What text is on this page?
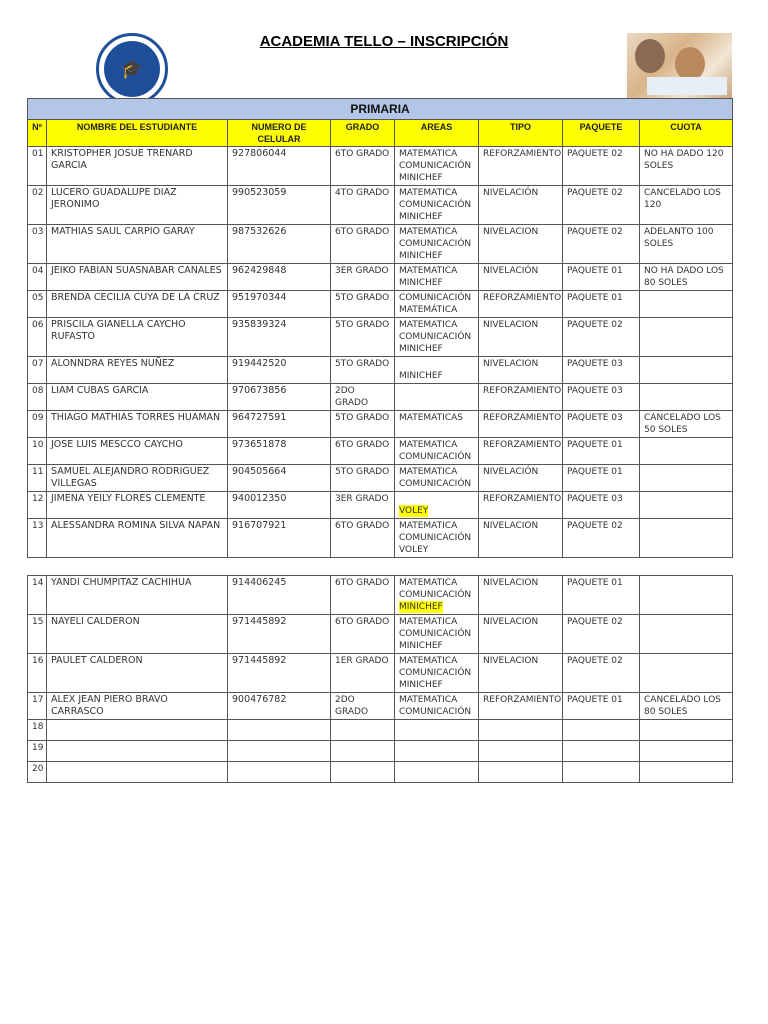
🎓
ACADEMIA TELLO – INSCRIPCIÓN
PRIMARIA							
Nº	NOMBRE DEL ESTUDIANTE	NUMERO DE CELULAR	GRADO	AREAS	TIPO	PAQUETE	CUOTA
01	KRISTOPHER JOSUE TRENARD GARCIA	927806044	6TO GRADO	MATEMATICA
COMUNICACIÓN
MINICHEF	REFORZAMIENTO	PAQUETE 02	NO HA DADO 120 SOLES
02	LUCERO GUADALUPE DIAZ JERONIMO	990523059	4TO GRADO	MATEMATICA
COMUNICACIÓN
MINICHEF	NIVELACIÓN	PAQUETE 02	CANCELADO LOS 120
03	MATHIAS SAUL CARPIO GARAY	987532626	6TO GRADO	MATEMATICA
COMUNICACIÓN
MINICHEF	NIVELACION	PAQUETE 02	ADELANTO 100 SOLES
04	JEIKO FABIAN SUASNABAR CANALES	962429848	3ER GRADO	MATEMATICA
MINICHEF	NIVELACIÓN	PAQUETE 01	NO HA DADO LOS 80 SOLES
05	BRENDA CECILIA CUYA DE LA CRUZ	951970344	5TO GRADO	COMUNICACIÓN
MATEMÁTICA	REFORZAMIENTO	PAQUETE 01	
06	PRISCILA GIANELLA CAYCHO RUFASTO	935839324	5TO GRADO	MATEMATICA
COMUNICACIÓN
MINICHEF	NIVELACION	PAQUETE 02	
07	ALONNDRA REYES NUÑEZ	919442520	5TO GRADO	MINICHEF	NIVELACION	PAQUETE 03	
08	LIAM CUBAS GARCIA	970673856	2DO GRADO		REFORZAMIENTO	PAQUETE 03	
09	THIAGO MATHIAS TORRES HUAMAN	964727591	5TO GRADO	MATEMATICAS	REFORZAMIENTO	PAQUETE 03	CANCELADO LOS 50 SOLES
10	JOSE LUIS MESCCO CAYCHO	973651878	6TO GRADO	MATEMATICA
COMUNICACIÓN	REFORZAMIENTO	PAQUETE 01	
11	SAMUEL ALEJANDRO RODRIGUEZ VILLEGAS	904505664	5TO GRADO	MATEMATICA
COMUNICACIÓN	NIVELACIÓN	PAQUETE 01	
12	JIMENA YEILY FLORES CLEMENTE	940012350	3ER GRADO	VOLEY	REFORZAMIENTO	PAQUETE 03	
13	ALESSANDRA ROMINA SILVA NAPAN	916707921	6TO GRADO	MATEMATICA
COMUNICACIÓN
VOLEY	NIVELACION	PAQUETE 02	
14	YANDI CHUMPITAZ CACHIHUA	914406245	6TO GRADO	MATEMATICA
COMUNICACIÓN
MINICHEF	NIVELACION	PAQUETE 01	
15	NAYELI CALDERON	971445892	6TO GRADO	MATEMATICA
COMUNICACIÓN
MINICHEF	NIVELACION	PAQUETE 02	
16	PAULET CALDERON	971445892	1ER GRADO	MATEMATICA
COMUNICACIÓN
MINICHEF	NIVELACION	PAQUETE 02	
17	ALEX JEAN PIERO BRAVO CARRASCO	900476782	2DO GRADO	MATEMATICA
COMUNICACIÓN	REFORZAMIENTO	PAQUETE 01	CANCELADO LOS 80 SOLES
18				

19				

20				
